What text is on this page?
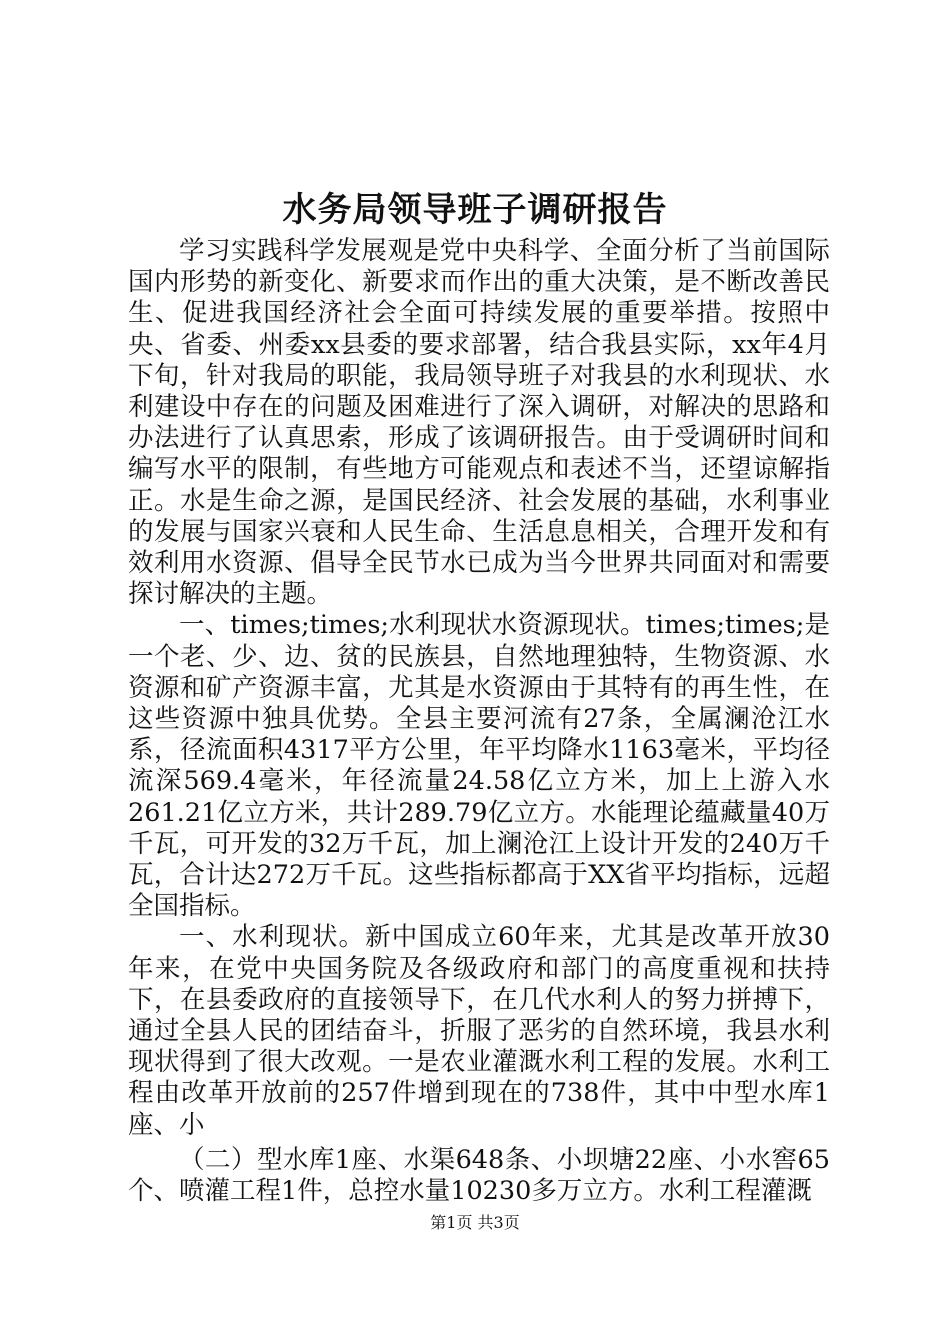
水务局领导班子调研报告

学习实践科学发展观是党中央科学、全面分析了当前国际国内形势的新变化、新要求而作出的重大决策，是不断改善民生、促进我国经济社会全面可持续发展的重要举措。按照中央、省委、州委xx县委的要求部署，结合我县实际，xx年4月下旬，针对我局的职能，我局领导班子对我县的水利现状、水利建设中存在的问题及困难进行了深入调研，对解决的思路和办法进行了认真思索，形成了该调研报告。由于受调研时间和编写水平的限制，有些地方可能观点和表述不当，还望谅解指正。水是生命之源，是国民经济、社会发展的基础，水利事业的发展与国家兴衰和人民生命、生活息息相关，合理开发和有效利用水资源、倡导全民节水已成为当今世界共同面对和需要探讨解决的主题。

一、times;times;水利现状水资源现状。times;times;是一个老、少、边、贫的民族县，自然地理独特，生物资源、水资源和矿产资源丰富，尤其是水资源由于其特有的再生性，在这些资源中独具优势。全县主要河流有27条，全属澜沧江水系，径流面积4317平方公里，年平均降水1163毫米，平均径流深569.4毫米，年径流量24.58亿立方米，加上上游入水261.21亿立方米，共计289.79亿立方。水能理论蕴藏量40万千瓦，可开发的32万千瓦，加上澜沧江上设计开发的240万千瓦，合计达272万千瓦。这些指标都高于XX省平均指标，远超全国指标。

一、水利现状。新中国成立60年来，尤其是改革开放30年来，在党中央国务院及各级政府和部门的高度重视和扶持下，在县委政府的直接领导下，在几代水利人的努力拼搏下，通过全县人民的团结奋斗，折服了恶劣的自然环境，我县水利现状得到了很大改观。一是农业灌溉水利工程的发展。水利工程由改革开放前的257件增到现在的738件，其中中型水库1座、小

（二）型水库1座、水渠648条、小坝塘22座、小水窖65个、喷灌工程1件，总控水量10230多万立方。水利工程灌溉

第1页 共3页
